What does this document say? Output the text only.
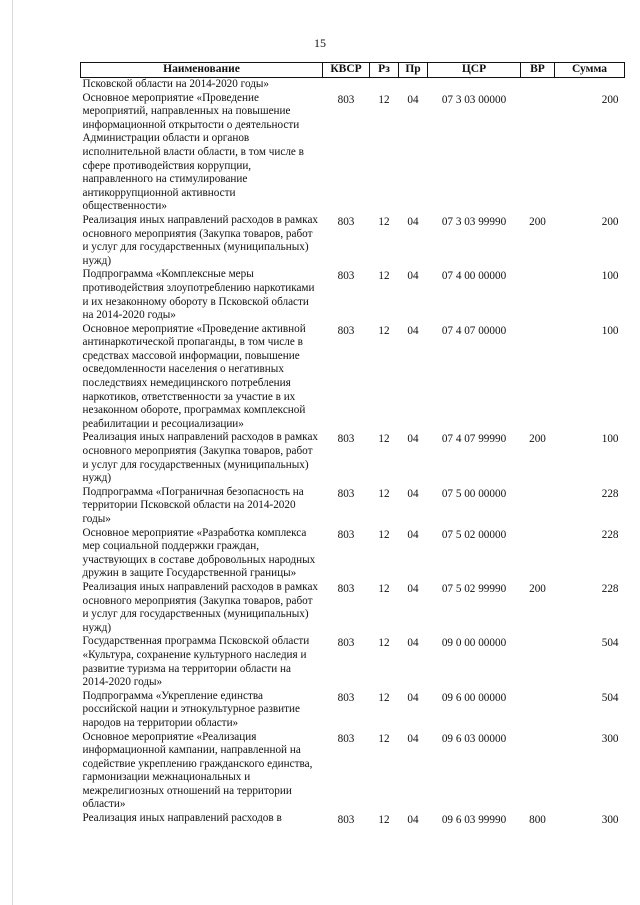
15
Наименование	КВСР	Рз	Пр	ЦСР	ВР	Сумма
Псковской области на 2014-2020 годы»						
Основное мероприятие «Проведение мероприятий, направленных на повышение информационной открытости о деятельности Администрации области и органов исполнительной власти области, в том числе в сфере противодействия коррупции, направленного на стимулирование антикоррупционной активности общественности»	803	12	04	07 3 03 00000		200
Реализация иных направлений расходов в рамках основного мероприятия (Закупка товаров, работ и услуг для государственных (муниципальных) нужд)	803	12	04	07 3 03 99990	200	200
Подпрограмма «Комплексные меры противодействия злоупотреблению наркотиками и их незаконному обороту в Псковской области на 2014-2020 годы»	803	12	04	07 4 00 00000		100
Основное мероприятие «Проведение активной антинаркотической пропаганды, в том числе в средствах массовой информации, повышение осведомленности населения о негативных последствиях немедицинского потребления наркотиков, ответственности за участие в их незаконном обороте, программах комплексной реабилитации и ресоциализации»	803	12	04	07 4 07 00000		100
Реализация иных направлений расходов в рамках основного мероприятия (Закупка товаров, работ и услуг для государственных (муниципальных) нужд)	803	12	04	07 4 07 99990	200	100
Подпрограмма «Пограничная безопасность на территории Псковской области на 2014-2020 годы»	803	12	04	07 5 00 00000		228
Основное мероприятие «Разработка комплекса мер социальной поддержки граждан, участвующих в составе добровольных народных дружин в защите Государственной границы»	803	12	04	07 5 02 00000		228
Реализация иных направлений расходов в рамках основного мероприятия (Закупка товаров, работ и услуг для государственных (муниципальных) нужд)	803	12	04	07 5 02 99990	200	228
Государственная программа Псковской области «Культура, сохранение культурного наследия и развитие туризма на территории области на 2014-2020 годы»	803	12	04	09 0 00 00000		504
Подпрограмма «Укрепление единства российской нации и этнокультурное развитие народов на территории области»	803	12	04	09 6 00 00000		504
Основное мероприятие «Реализация информационной кампании, направленной на содействие укреплению гражданского единства, гармонизации межнациональных и межрелигиозных отношений на территории области»	803	12	04	09 6 03 00000		300
Реализация иных направлений расходов в	803	12	04	09 6 03 99990	800	300
